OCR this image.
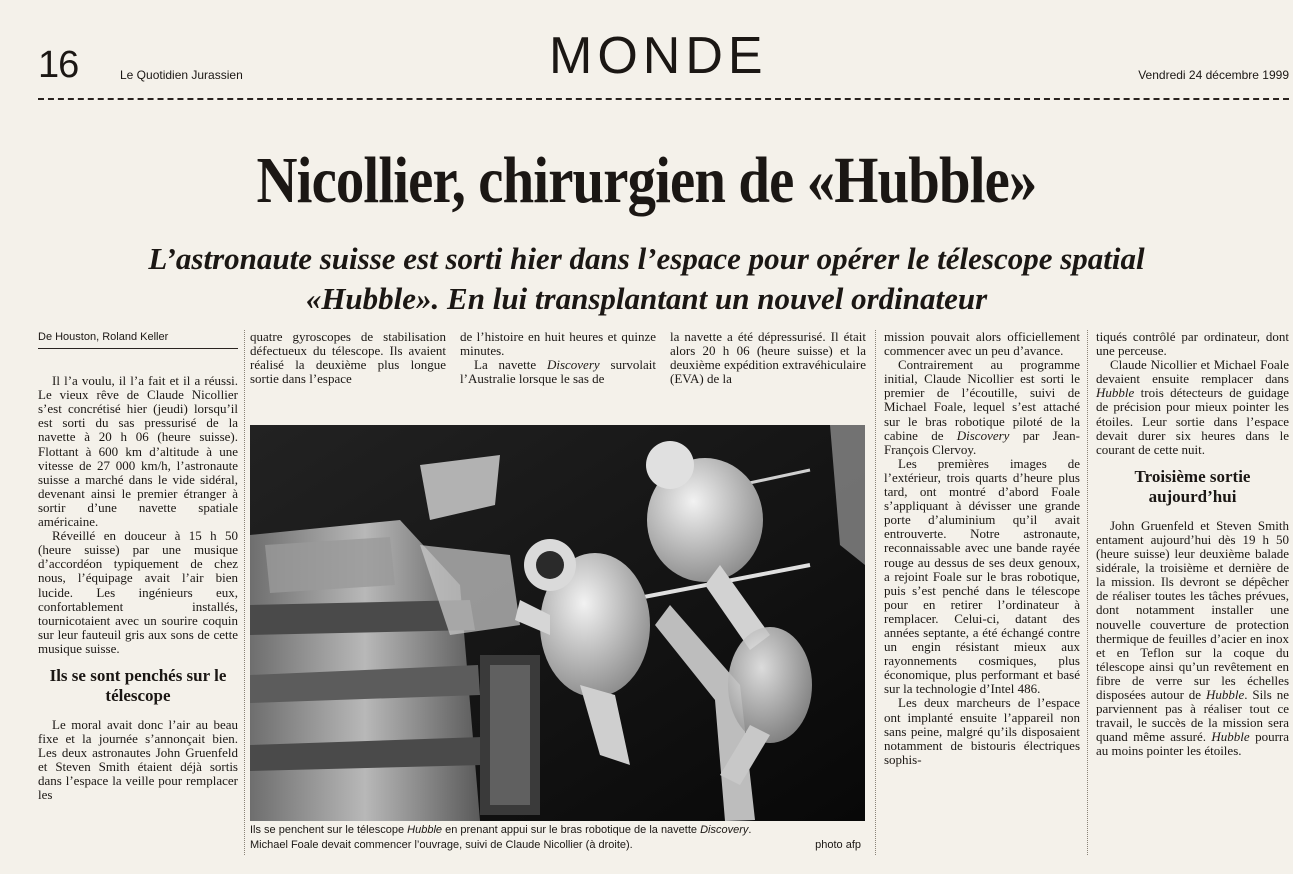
16	Le Quotidien Jurassien	MONDE	Vendredi 24 décembre 1999
Nicollier, chirurgien de «Hubble»
L’astronaute suisse est sorti hier dans l’espace pour opérer le télescope spatial
«Hubble». En lui transplantant un nouvel ordinateur
De Houston, Roland Keller

Il l’a voulu, il l’a fait et il a réussi. Le vieux rêve de Claude Nicollier s’est concrétisé hier (jeudi) lorsqu’il est sorti du sas pressurisé de la navette à 20 h 06 (heure suisse). Flottant à 600 km d’altitude à une vitesse de 27 000 km/h, l’astronaute suisse a marché dans le vide sidéral, devenant ainsi le premier étranger à sortir d’une navette spatiale américaine.

Réveillé en douceur à 15 h 50 (heure suisse) par une musique d’accordéon typiquement de chez nous, l’équipage avait l’air bien lucide. Les ingénieurs eux, confortablement installés, tournicotaient avec un sourire coquin sur leur fauteuil gris aux sons de cette musique suisse.

Ils se sont penchés sur le télescope

Le moral avait donc l’air au beau fixe et la journée s’annonçait bien. Les deux astronautes John Gruenfeld et Steven Smith étaient déjà sortis dans l’espace la veille pour remplacer les

quatre gyroscopes de stabilisation défectueux du télescope. Ils avaient réalisé la deuxième plus longue sortie dans l’espace

de l’histoire en huit heures et quinze minutes.

La navette Discovery survolait l’Australie lorsque le sas de

la navette a été dépressurisé. Il était alors 20 h 06 (heure suisse) et la deuxième expédition extravéhiculaire (EVA) de la

Ils se penchent sur le télescope Hubble en prenant appui sur le bras robotique de la navette Discovery.
Michael Foale devait commencer l’ouvrage, suivi de Claude Nicollier (à droite).	photo afp

mission pouvait alors officiellement commencer avec un peu d’avance.

Contrairement au programme initial, Claude Nicollier est sorti le premier de l’écoutille, suivi de Michael Foale, lequel s’est attaché sur le bras robotique piloté de la cabine de Discovery par Jean-François Clervoy.

Les premières images de l’extérieur, trois quarts d’heure plus tard, ont montré d’abord Foale s’appliquant à dévisser une grande porte d’aluminium qu’il avait entrouverte. Notre astronaute, reconnaissable avec une bande rayée rouge au dessus de ses deux genoux, a rejoint Foale sur le bras robotique, puis s’est penché dans le télescope pour en retirer l’ordinateur à remplacer. Celui-ci, datant des années septante, a été échangé contre un engin résistant mieux aux rayonnements cosmiques, plus économique, plus performant et basé sur la technologie d’Intel 486.

Les deux marcheurs de l’espace ont implanté ensuite l’appareil non sans peine, malgré qu’ils disposaient notamment de bistouris électriques sophis-

tiqués contrôlé par ordinateur, dont une perceuse.

Claude Nicollier et Michael Foale devaient ensuite remplacer dans Hubble trois détecteurs de guidage de précision pour mieux pointer les étoiles. Leur sortie dans l’espace devait durer six heures dans le courant de cette nuit.

Troisième sortie aujourd’hui

John Gruenfeld et Steven Smith entament aujourd’hui dès 19 h 50 (heure suisse) leur deuxième balade sidérale, la troisième et dernière de la mission. Ils devront se dépêcher de réaliser toutes les tâches prévues, dont notamment installer une nouvelle couverture de protection thermique de feuilles d’acier en inox et en Teflon sur la coque du télescope ainsi qu’un revêtement en fibre de verre sur les échelles disposées autour de Hubble. Sils ne parviennent pas à réaliser tout ce travail, le succès de la mission sera quand même assuré. Hubble pourra au moins pointer les étoiles.
